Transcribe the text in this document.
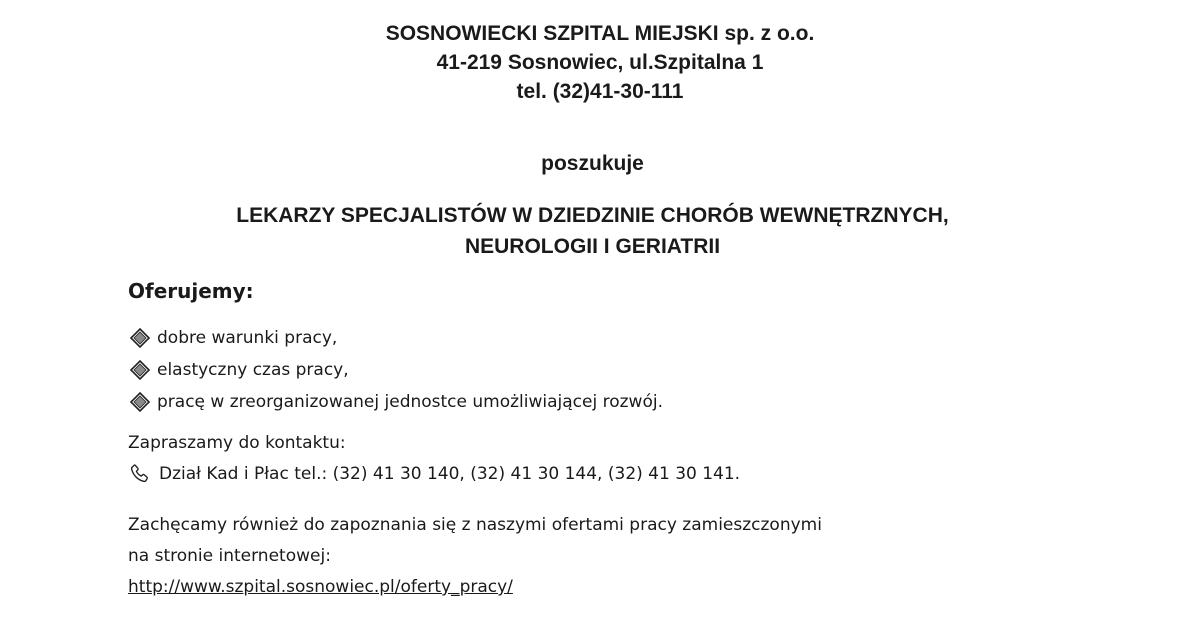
SOSNOWIECKI SZPITAL MIEJSKI sp. z o.o.
41-219 Sosnowiec, ul.Szpitalna 1
tel. (32)41-30-111
poszukuje
LEKARZY SPECJALISTÓW W DZIEDZINIE CHORÓB WEWNĘTRZNYCH,
NEUROLOGII I GERIATRII
Oferujemy:
dobre warunki pracy,
elastyczny czas pracy,
pracę w zreorganizowanej jednostce umożliwiającej rozwój.
Zapraszamy do kontaktu:
Dział Kad i Płac tel.: (32) 41 30 140, (32) 41 30 144, (32) 41 30 141.
Zachęcamy również do zapoznania się z naszymi ofertami pracy zamieszczonymi
na stronie internetowej:
http://www.szpital.sosnowiec.pl/oferty_pracy/
